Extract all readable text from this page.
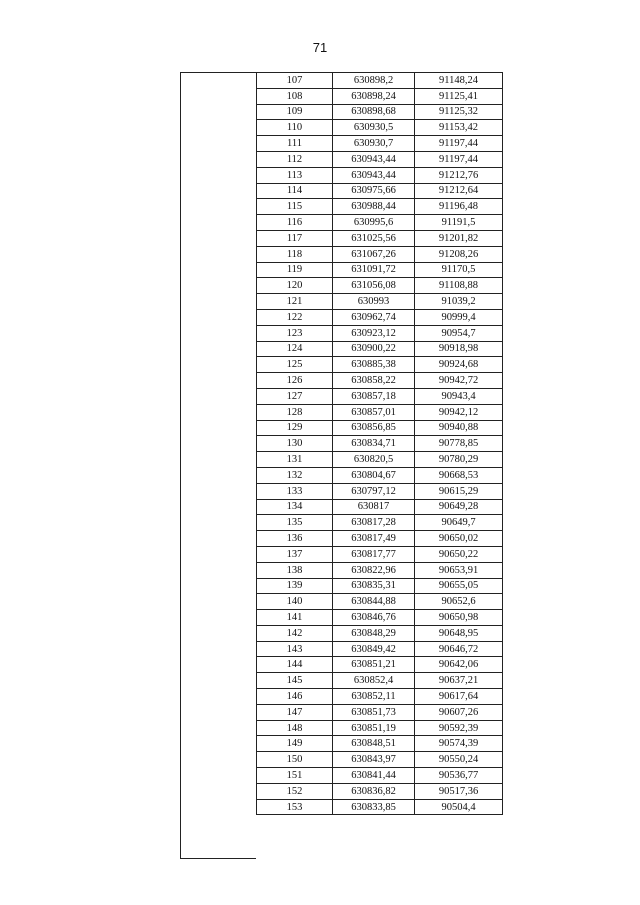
71
107	630898,2	91148,24
108	630898,24	91125,41
109	630898,68	91125,32
110	630930,5	91153,42
111	630930,7	91197,44
112	630943,44	91197,44
113	630943,44	91212,76
114	630975,66	91212,64
115	630988,44	91196,48
116	630995,6	91191,5
117	631025,56	91201,82
118	631067,26	91208,26
119	631091,72	91170,5
120	631056,08	91108,88
121	630993	91039,2
122	630962,74	90999,4
123	630923,12	90954,7
124	630900,22	90918,98
125	630885,38	90924,68
126	630858,22	90942,72
127	630857,18	90943,4
128	630857,01	90942,12
129	630856,85	90940,88
130	630834,71	90778,85
131	630820,5	90780,29
132	630804,67	90668,53
133	630797,12	90615,29
134	630817	90649,28
135	630817,28	90649,7
136	630817,49	90650,02
137	630817,77	90650,22
138	630822,96	90653,91
139	630835,31	90655,05
140	630844,88	90652,6
141	630846,76	90650,98
142	630848,29	90648,95
143	630849,42	90646,72
144	630851,21	90642,06
145	630852,4	90637,21
146	630852,11	90617,64
147	630851,73	90607,26
148	630851,19	90592,39
149	630848,51	90574,39
150	630843,97	90550,24
151	630841,44	90536,77
152	630836,82	90517,36
153	630833,85	90504,4
